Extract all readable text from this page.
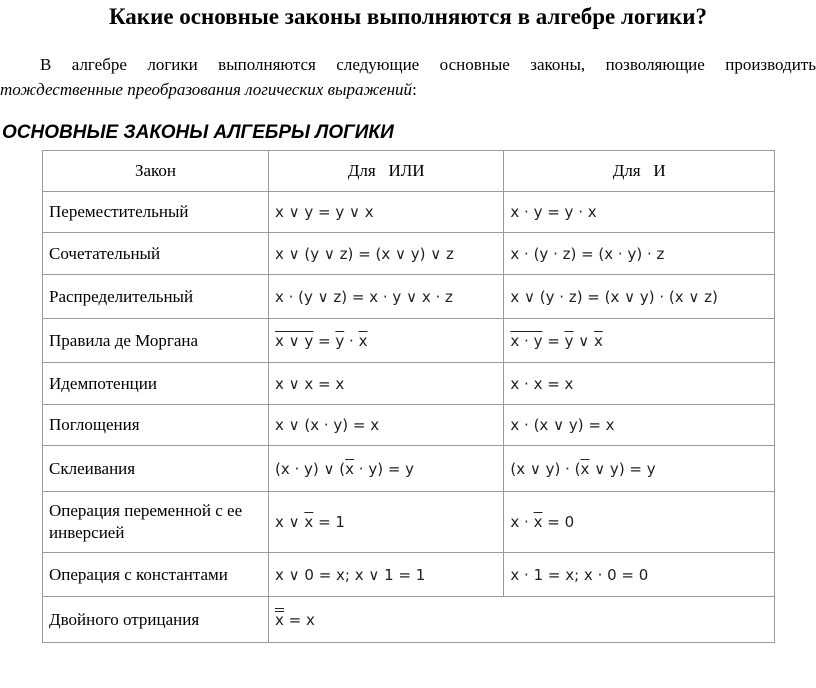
Какие основные законы выполняются в алгебре логики?
В алгебре логики выполняются следующие основные законы, позволяющие производить
тождественные преобразования логических выражений:
ОСНОВНЫЕ ЗАКОНЫ АЛГЕБРЫ ЛОГИКИ
Закон	Для   ИЛИ	Для   И
Переместительный	x ∨ y = y ∨ x	x · y = y · x
Сочетательный	x ∨ (y ∨ z) = (x ∨ y) ∨ z	x · (y · z) = (x · y) · z
Распределительный	x · (y ∨ z) = x · y ∨ x · z	x ∨ (y · z) = (x ∨ y) · (x ∨ z)
Правила де Моргана	x ∨ $y = \overline{y} \cdot \overline{x}$	$x \cdot y = \overline{y}$ ∨ $\overline{x}$
Идемпотенции	x ∨ x = x	x · x = x
Поглощения	x ∨ (x · y) = x	x · (x ∨ y) = x
Склеивания	(x · y) ∨ $(\overline{x} \cdot y) = y$	(x ∨ $y) \cdot (\overline{x}$ ∨ y) = y
Операция переменной с ее инверсией	x ∨ $\overline{x} = 1$	$x \cdot \overline{x} = 0$
Операция с константами	x ∨ 0 = x; x ∨ 1 = 1	x · 1 = x; x · 0 = 0
Двойного отрицания	x = x	
